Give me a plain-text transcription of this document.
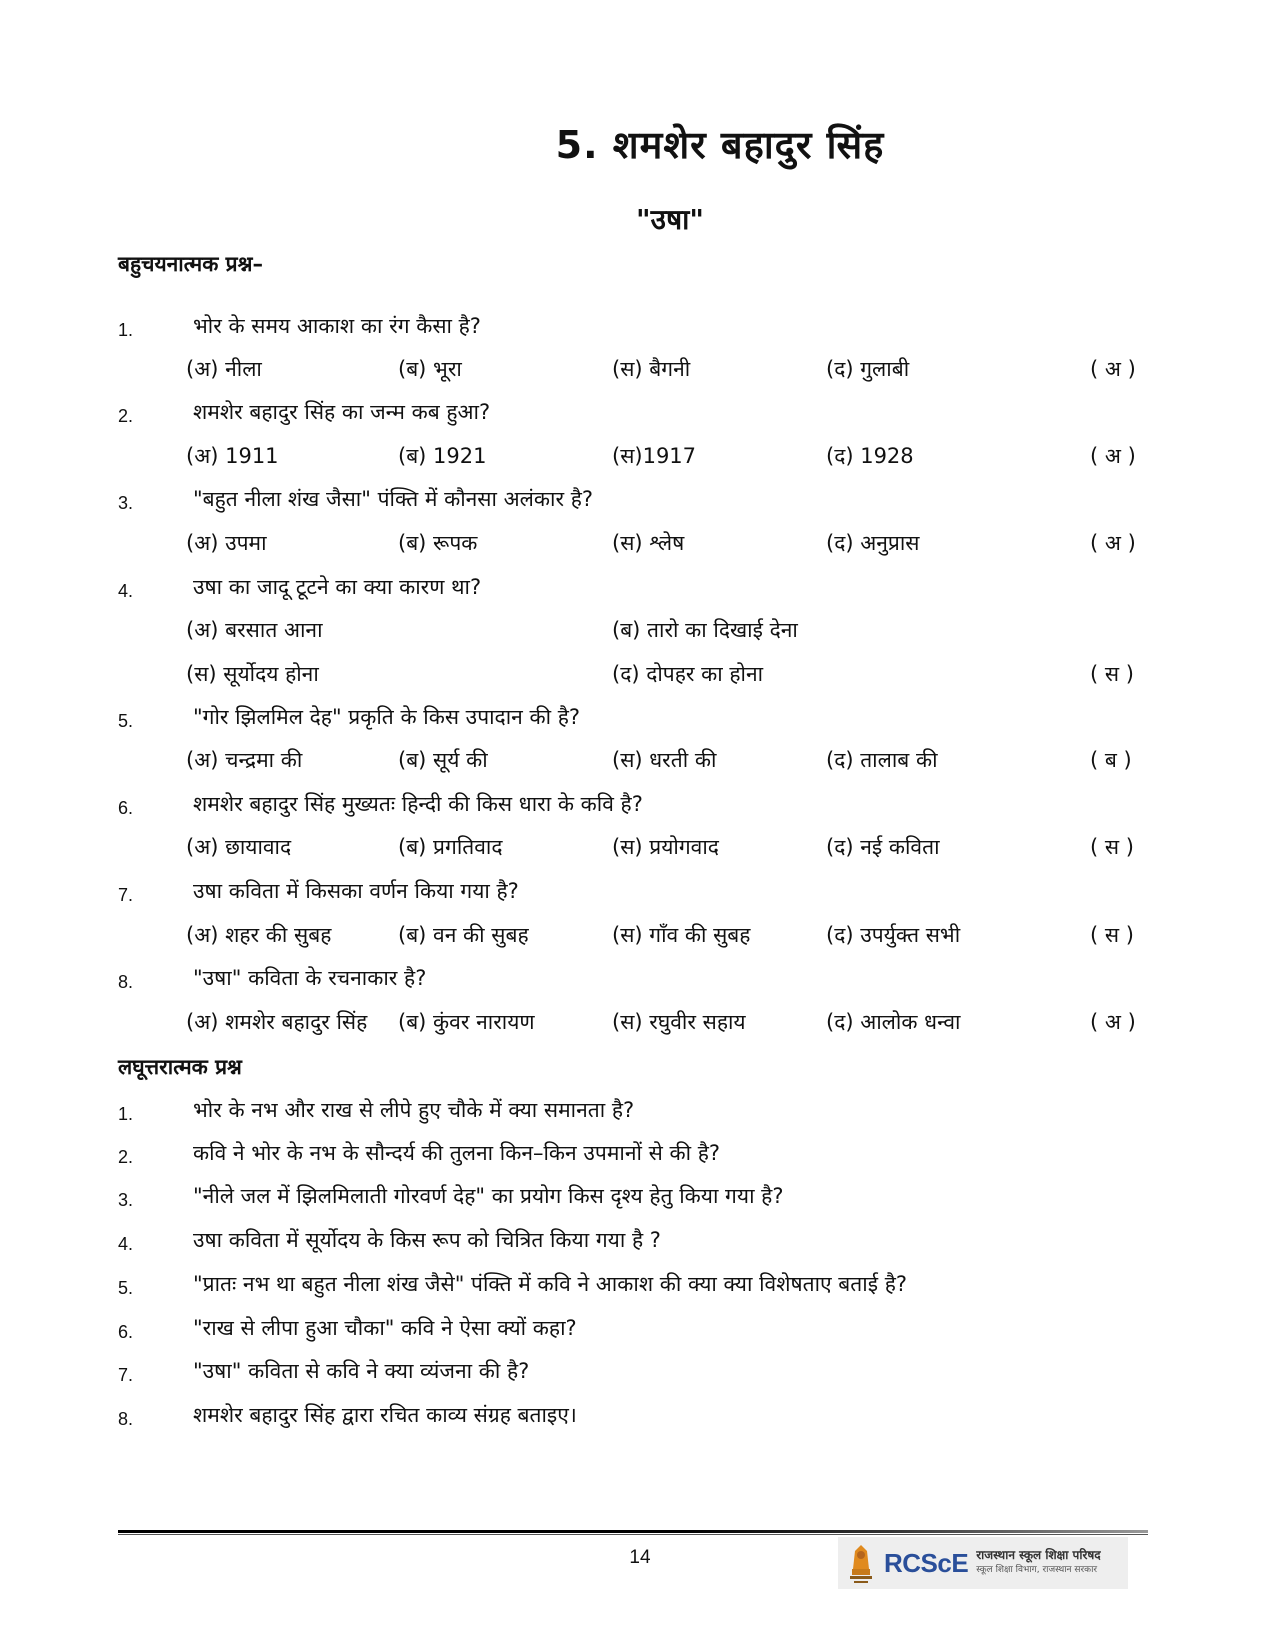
5. शमशेर बहादुर सिंह
"उषा"
बहुचयनात्मक प्रश्न–
1.	भोर के समय आकाश का रंग कैसा है?
(अ) नीला	(ब) भूरा	(स) बैगनी	(द) गुलाबी	( अ )
2.	शमशेर बहादुर सिंह का जन्म कब हुआ?
(अ) 1911	(ब) 1921	(स)1917	(द) 1928	( अ )
3.	"बहुत नीला शंख जैसा" पंक्ति में कौनसा अलंकार है?
(अ) उपमा	(ब) रूपक	(स) श्लेष	(द) अनुप्रास	( अ )
4.	उषा का जादू टूटने का क्या कारण था?
(अ) बरसात आना	(ब) तारो का दिखाई देना
(स) सूर्योदय होना	(द) दोपहर का होना	( स )
5.	"गोर झिलमिल देह" प्रकृति के किस उपादान की है?
(अ) चन्द्रमा की	(ब) सूर्य की	(स) धरती की	(द) तालाब की	( ब )
6.	शमशेर बहादुर सिंह मुख्यतः हिन्दी की किस धारा के कवि है?
(अ) छायावाद	(ब) प्रगतिवाद	(स) प्रयोगवाद	(द) नई कविता	( स )
7.	उषा कविता में किसका वर्णन किया गया है?
(अ) शहर की सुबह	(ब) वन की सुबह	(स) गाँव की सुबह	(द) उपर्युक्त सभी	( स )
8.	"उषा" कविता के रचनाकार है?
(अ) शमशेर बहादुर सिंह (ब) कुंवर नारायण	(स) रघुवीर सहाय	(द) आलोक धन्वा	( अ )
लघूत्तरात्मक प्रश्न
1.	भोर के नभ और राख से लीपे हुए चौके में क्या समानता है?
2.	कवि ने भोर के नभ के सौन्दर्य की तुलना किन–किन उपमानों से की है?
3.	"नीले जल में झिलमिलाती गोरवर्ण देह" का प्रयोग किस दृश्य हेतु किया गया है?
4.	उषा कविता में सूर्योदय के किस रूप को चित्रित किया गया है ?
5.	"प्रातः नभ था बहुत नीला शंख जैसे" पंक्ति में कवि ने आकाश की क्या क्या विशेषताए बताई है?
6.	"राख से लीपा हुआ चौका" कवि ने ऐसा क्यों कहा?
7.	"उषा" कविता से कवि ने क्या व्यंजना की है?
8.	शमशेर बहादुर सिंह द्वारा रचित काव्य संग्रह बताइए।
14	RCScE राजस्थान स्कूल शिक्षा परिषद
स्कूल शिक्षा विभाग, राजस्थान सरकार
